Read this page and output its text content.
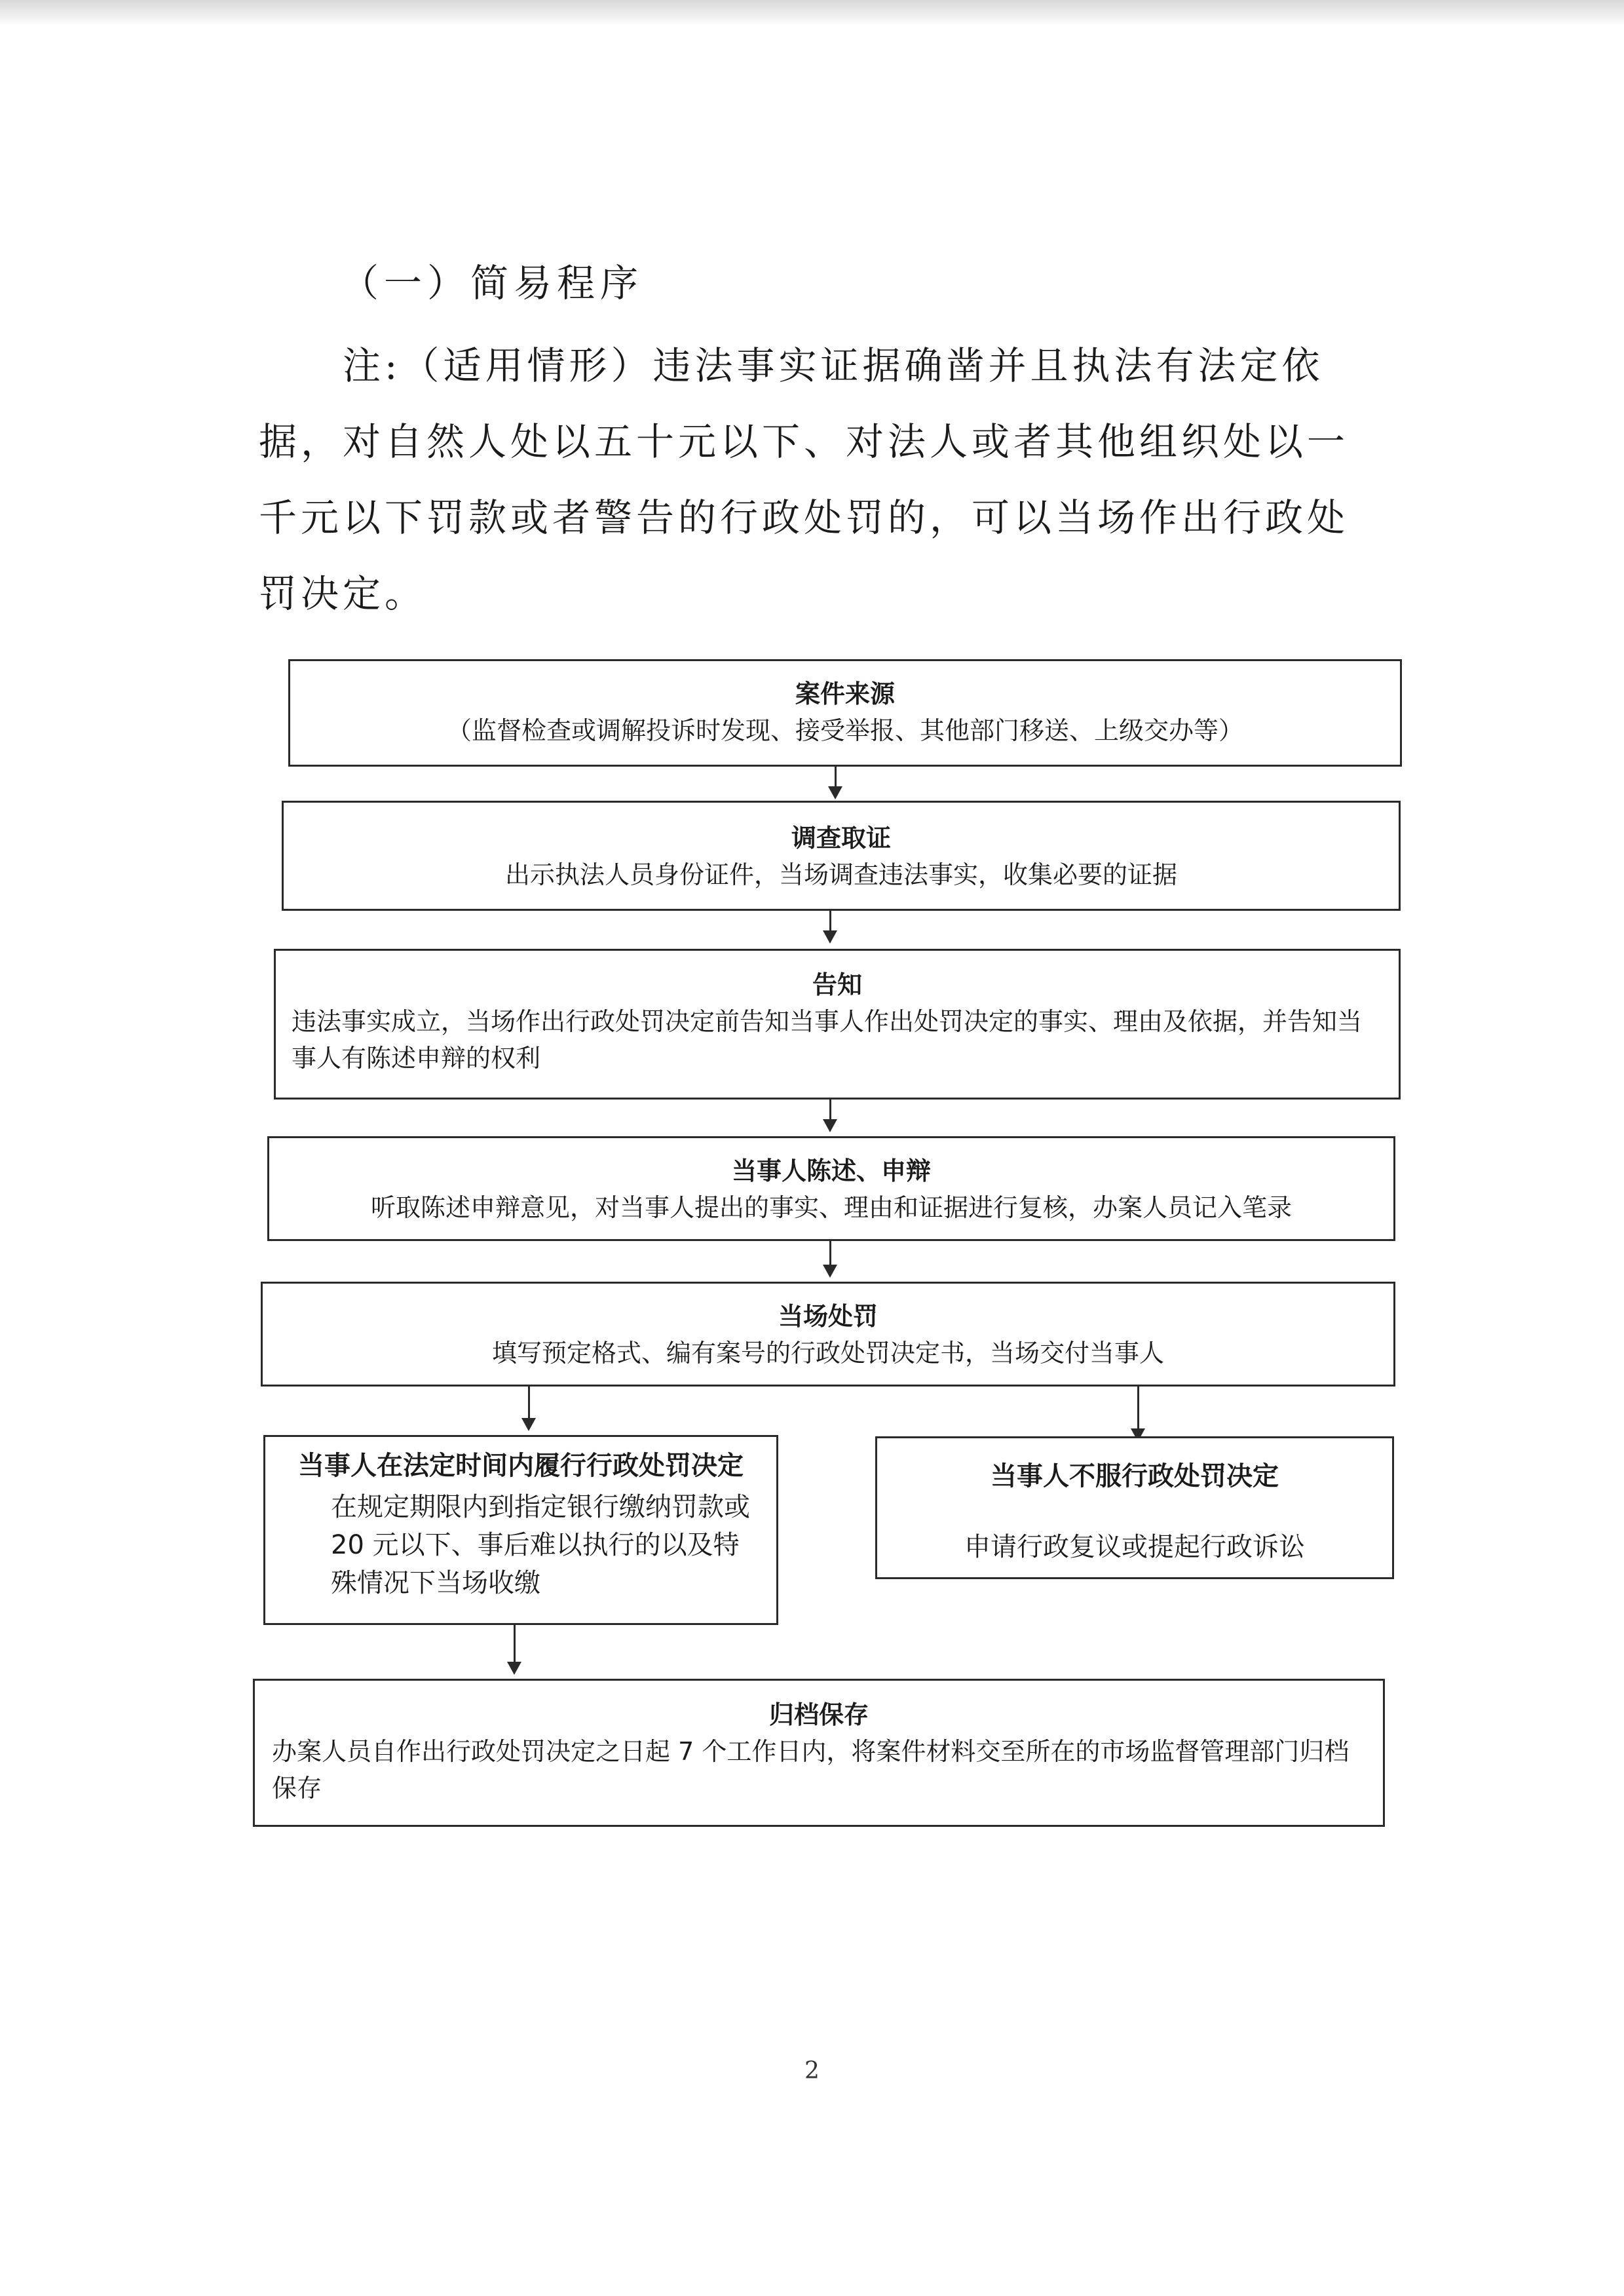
（一）简易程序
注:（适用情形）违法事实证据确凿并且执法有法定依据，对自然人处以五十元以下、对法人或者其他组织处以一千元以下罚款或者警告的行政处罚的，可以当场作出行政处罚决定。
案件来源
（监督检查或调解投诉时发现、接受举报、其他部门移送、上级交办等）
调查取证
出示执法人员身份证件，当场调查违法事实，收集必要的证据
告知
违法事实成立，当场作出行政处罚决定前告知当事人作出处罚决定的事实、理由及依据，并告知当事人有陈述申辩的权利
当事人陈述、申辩
听取陈述申辩意见，对当事人提出的事实、理由和证据进行复核，办案人员记入笔录
当场处罚
填写预定格式、编有案号的行政处罚决定书，当场交付当事人
当事人在法定时间内履行行政处罚决定
在规定期限内到指定银行缴纳罚款或 20 元以下、事后难以执行的以及特殊情况下当场收缴
当事人不服行政处罚决定
申请行政复议或提起行政诉讼
归档保存
办案人员自作出行政处罚决定之日起 7 个工作日内，将案件材料交至所在的市场监督管理部门归档保存
2
